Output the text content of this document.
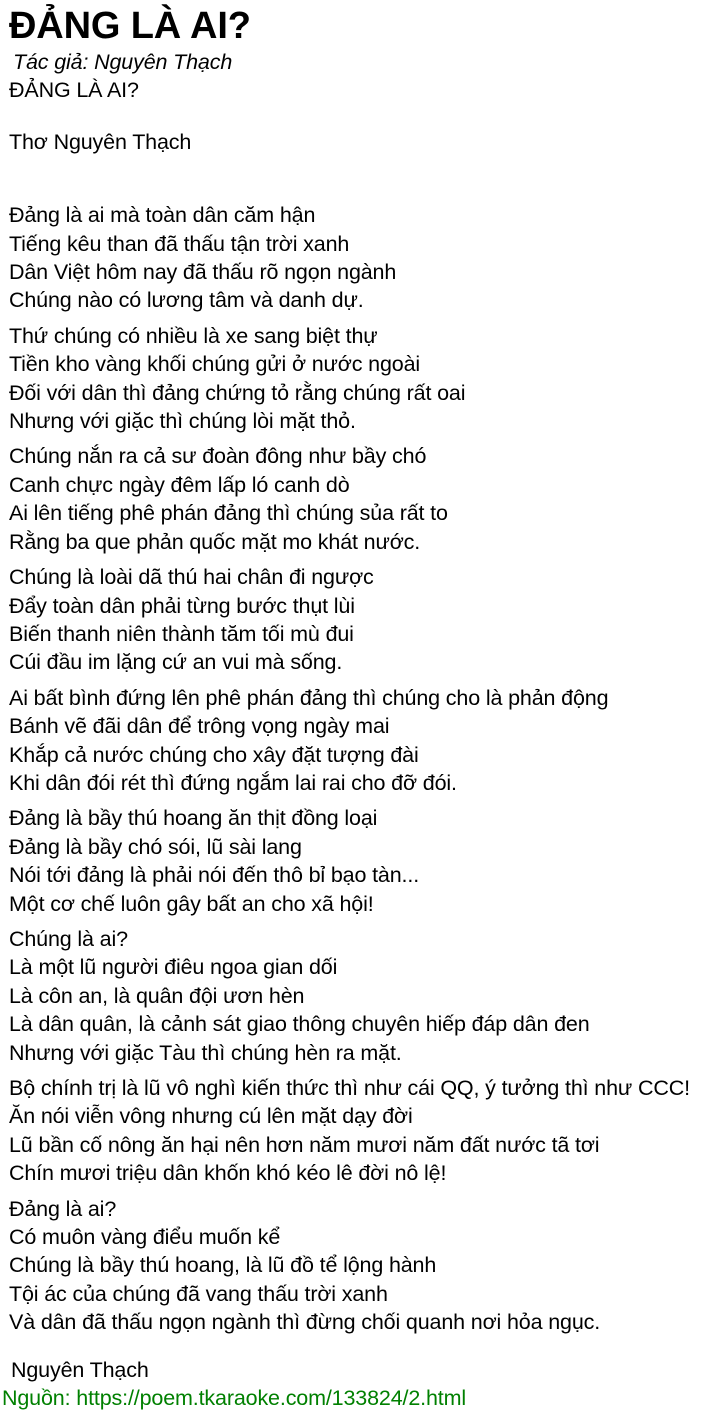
ĐẢNG LÀ AI?
Tác giả: Nguyên Thạch
ĐẢNG LÀ AI?
Thơ Nguyên Thạch

Đảng là ai mà toàn dân căm hận
Tiếng kêu than đã thấu tận trời xanh
Dân Việt hôm nay đã thấu rõ ngọn ngành
Chúng nào có lương tâm và danh dự.

Thứ chúng có nhiều là xe sang biệt thự
Tiền kho vàng khối chúng gửi ở nước ngoài
Đối với dân thì đảng chứng tỏ rằng chúng rất oai
Nhưng với giặc thì chúng lòi mặt thỏ.

Chúng nắn ra cả sư đoàn đông như bầy chó
Canh chực ngày đêm lấp ló canh dò
Ai lên tiếng phê phán đảng thì chúng sủa rất to
Rằng ba que phản quốc mặt mo khát nước.

Chúng là loài dã thú hai chân đi ngược
Đẩy toàn dân phải từng bước thụt lùi
Biến thanh niên thành tăm tối mù đui
Cúi đầu im lặng cứ an vui mà sống.

Ai bất bình đứng lên phê phán đảng thì chúng cho là phản động
Bánh vẽ đãi dân để trông vọng ngày mai
Khắp cả nước chúng cho xây đặt tượng đài
Khi dân đói rét thì đứng ngắm lai rai cho đỡ đói.

Đảng là bầy thú hoang ăn thịt đồng loại
Đảng là bầy chó sói, lũ sài lang
Nói tới đảng là phải nói đến thô bỉ bạo tàn...
Một cơ chế luôn gây bất an cho xã hội!

Chúng là ai?
Là một lũ người điêu ngoa gian dối
Là côn an, là quân đội ươn hèn
Là dân quân, là cảnh sát giao thông chuyên hiếp đáp dân đen
Nhưng với giặc Tàu thì chúng hèn ra mặt.

Bộ chính trị là lũ vô nghì kiến thức thì như cái QQ, ý tưởng thì như CCC!
Ăn nói viễn vông nhưng cú lên mặt dạy đời
Lũ bần cố nông ăn hại nên hơn năm mươi năm đất nước tã tơi
Chín mươi triệu dân khốn khó kéo lê đời nô lệ!

Đảng là ai?
Có muôn vàng điểu muốn kể
Chúng là bầy thú hoang, là lũ đồ tể lộng hành
Tội ác của chúng đã vang thấu trời xanh
Và dân đã thấu ngọn ngành thì đừng chối quanh nơi hỏa ngục.

Nguyên Thạch
Nguồn: https://poem.tkaraoke.com/133824/2.html
